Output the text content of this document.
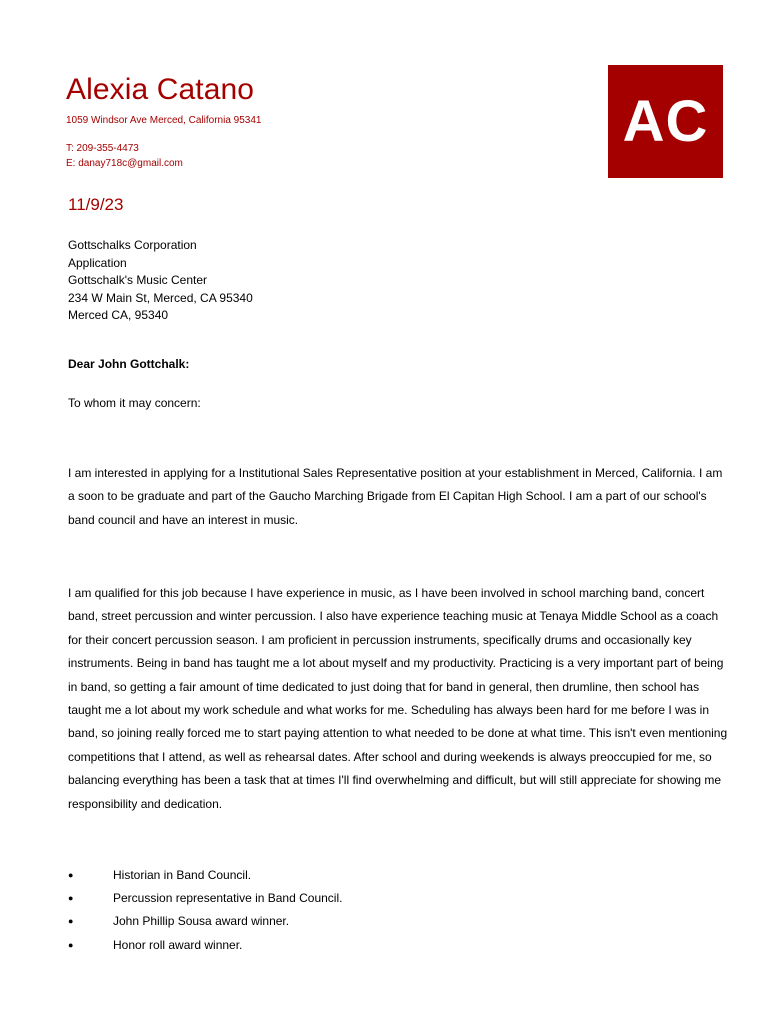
Alexia Catano

1059 Windsor Ave Merced, California 95341

T: 209-355-4473

E: danay718c@gmail.com

AC

11/9/23

Gottschalks Corporation
Application
Gottschalk's Music Center
234 W Main St, Merced, CA 95340
Merced CA, 95340

Dear John Gottchalk:

To whom it may concern:

I am interested in applying for a Institutional Sales Representative position at your establishment in Merced, California. I am a soon to be graduate and part of the Gaucho Marching Brigade from El Capitan High School. I am a part of our school's band council and have an interest in music.

I am qualified for this job because I have experience in music, as I have been involved in school marching band, concert band, street percussion and winter percussion. I also have experience teaching music at Tenaya Middle School as a coach for their concert percussion season. I am proficient in percussion instruments, specifically drums and occasionally key instruments. Being in band has taught me a lot about myself and my productivity. Practicing is a very important part of being in band, so getting a fair amount of time dedicated to just doing that for band in general, then drumline, then school has taught me a lot about my work schedule and what works for me. Scheduling has always been hard for me before I was in band, so joining really forced me to start paying attention to what needed to be done at what time. This isn't even mentioning competitions that I attend, as well as rehearsal dates. After school and during weekends is always preoccupied for me, so balancing everything has been a task that at times I'll find overwhelming and difficult, but will still appreciate for showing me responsibility and dedication.

●	Historian in Band Council.
●	Percussion representative in Band Council.
●	John Phillip Sousa award winner.
●	Honor roll award winner.
